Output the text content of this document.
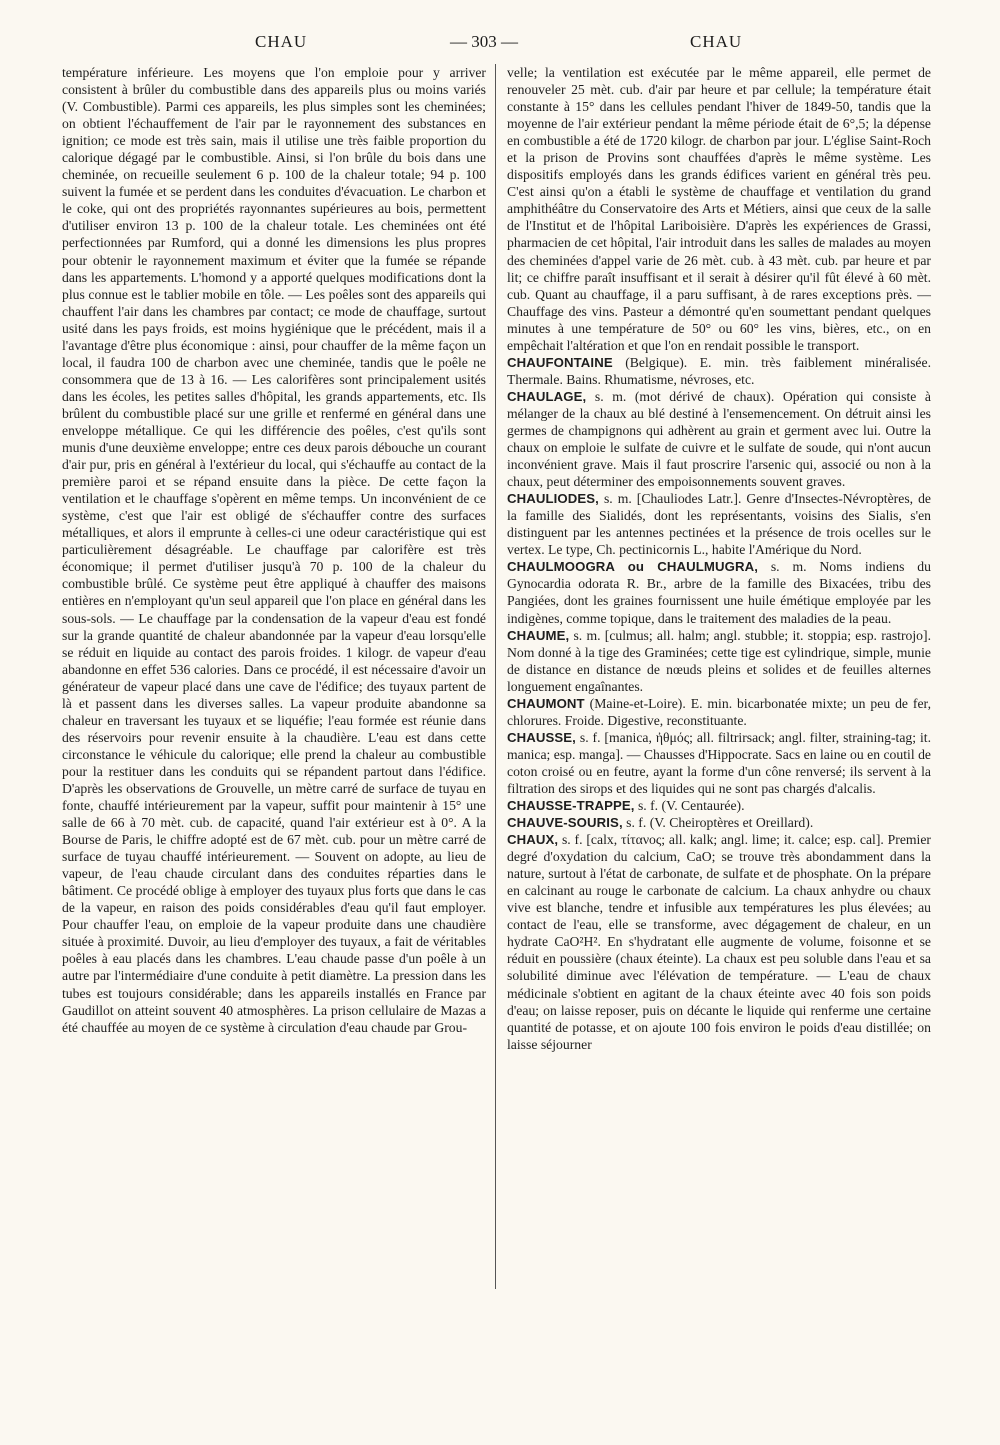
CHAU	— 303 —	CHAU

température inférieure. Les moyens que l'on emploie pour y arriver consistent à brûler du combustible dans des appareils plus ou moins variés (V. Combustible). Parmi ces appareils, les plus simples sont les cheminées; on obtient l'échauffement de l'air par le rayonnement des substances en ignition; ce mode est très sain, mais il utilise une très faible proportion du calorique dégagé par le combustible. Ainsi, si l'on brûle du bois dans une cheminée, on recueille seulement 6 p. 100 de la chaleur totale; 94 p. 100 suivent la fumée et se perdent dans les conduites d'évacuation. Le charbon et le coke, qui ont des propriétés rayonnantes supérieures au bois, permettent d'utiliser environ 13 p. 100 de la chaleur totale. Les cheminées ont été perfectionnées par Rumford, qui a donné les dimensions les plus propres pour obtenir le rayonnement maximum et éviter que la fumée se répande dans les appartements. L'homond y a apporté quelques modifications dont la plus connue est le tablier mobile en tôle. — Les poêles sont des appareils qui chauffent l'air dans les chambres par contact; ce mode de chauffage, surtout usité dans les pays froids, est moins hygiénique que le précédent, mais il a l'avantage d'être plus économique : ainsi, pour chauffer de la même façon un local, il faudra 100 de charbon avec une cheminée, tandis que le poêle ne consommera que de 13 à 16. — Les calorifères sont principalement usités dans les écoles, les petites salles d'hôpital, les grands appartements, etc. Ils brûlent du combustible placé sur une grille et renfermé en général dans une enveloppe métallique. Ce qui les différencie des poêles, c'est qu'ils sont munis d'une deuxième enveloppe; entre ces deux parois débouche un courant d'air pur, pris en général à l'extérieur du local, qui s'échauffe au contact de la première paroi et se répand ensuite dans la pièce. De cette façon la ventilation et le chauffage s'opèrent en même temps. Un inconvénient de ce système, c'est que l'air est obligé de s'échauffer contre des surfaces métalliques, et alors il emprunte à celles-ci une odeur caractéristique qui est particulièrement désagréable. Le chauffage par calorifère est très économique; il permet d'utiliser jusqu'à 70 p. 100 de la chaleur du combustible brûlé. Ce système peut être appliqué à chauffer des maisons entières en n'employant qu'un seul appareil que l'on place en général dans les sous-sols. — Le chauffage par la condensation de la vapeur d'eau est fondé sur la grande quantité de chaleur abandonnée par la vapeur d'eau lorsqu'elle se réduit en liquide au contact des parois froides. 1 kilogr. de vapeur d'eau abandonne en effet 536 calories. Dans ce procédé, il est nécessaire d'avoir un générateur de vapeur placé dans une cave de l'édifice; des tuyaux partent de là et passent dans les diverses salles. La vapeur produite abandonne sa chaleur en traversant les tuyaux et se liquéfie; l'eau formée est réunie dans des réservoirs pour revenir ensuite à la chaudière. L'eau est dans cette circonstance le véhicule du calorique; elle prend la chaleur au combustible pour la restituer dans les conduits qui se répandent partout dans l'édifice. D'après les observations de Grouvelle, un mètre carré de surface de tuyau en fonte, chauffé intérieurement par la vapeur, suffit pour maintenir à 15° une salle de 66 à 70 mèt. cub. de capacité, quand l'air extérieur est à 0°. A la Bourse de Paris, le chiffre adopté est de 67 mèt. cub. pour un mètre carré de surface de tuyau chauffé intérieurement. — Souvent on adopte, au lieu de vapeur, de l'eau chaude circulant dans des conduites réparties dans le bâtiment. Ce procédé oblige à employer des tuyaux plus forts que dans le cas de la vapeur, en raison des poids considérables d'eau qu'il faut employer. Pour chauffer l'eau, on emploie de la vapeur produite dans une chaudière située à proximité. Duvoir, au lieu d'employer des tuyaux, a fait de véritables poêles à eau placés dans les chambres. L'eau chaude passe d'un poêle à un autre par l'intermédiaire d'une conduite à petit diamètre. La pression dans les tubes est toujours considérable; dans les appareils installés en France par Gaudillot on atteint souvent 40 atmosphères. La prison cellulaire de Mazas a été chauffée au moyen de ce système à circulation d'eau chaude par Grou-

velle; la ventilation est exécutée par le même appareil, elle permet de renouveler 25 mèt. cub. d'air par heure et par cellule; la température était constante à 15° dans les cellules pendant l'hiver de 1849-50, tandis que la moyenne de l'air extérieur pendant la même période était de 6°,5; la dépense en combustible a été de 1720 kilogr. de charbon par jour. L'église Saint-Roch et la prison de Provins sont chauffées d'après le même système. Les dispositifs employés dans les grands édifices varient en général très peu. C'est ainsi qu'on a établi le système de chauffage et ventilation du grand amphithéâtre du Conservatoire des Arts et Métiers, ainsi que ceux de la salle de l'Institut et de l'hôpital Lariboisière. D'après les expériences de Grassi, pharmacien de cet hôpital, l'air introduit dans les salles de malades au moyen des cheminées d'appel varie de 26 mèt. cub. à 43 mèt. cub. par heure et par lit; ce chiffre paraît insuffisant et il serait à désirer qu'il fût élevé à 60 mèt. cub. Quant au chauffage, il a paru suffisant, à de rares exceptions près. — Chauffage des vins. Pasteur a démontré qu'en soumettant pendant quelques minutes à une température de 50° ou 60° les vins, bières, etc., on en empêchait l'altération et que l'on en rendait possible le transport.

CHAUFONTAINE (Belgique). E. min. très faiblement minéralisée. Thermale. Bains. Rhumatisme, névroses, etc.

CHAULAGE, s. m. (mot dérivé de chaux). Opération qui consiste à mélanger de la chaux au blé destiné à l'ensemencement. On détruit ainsi les germes de champignons qui adhèrent au grain et germent avec lui. Outre la chaux on emploie le sulfate de cuivre et le sulfate de soude, qui n'ont aucun inconvénient grave. Mais il faut proscrire l'arsenic qui, associé ou non à la chaux, peut déterminer des empoisonnements souvent graves.

CHAULIODES, s. m. [Chauliodes Latr.]. Genre d'Insectes-Névroptères, de la famille des Sialidés, dont les représentants, voisins des Sialis, s'en distinguent par les antennes pectinées et la présence de trois ocelles sur le vertex. Le type, Ch. pectinicornis L., habite l'Amérique du Nord.

CHAULMOOGRA ou CHAULMUGRA, s. m. Noms indiens du Gynocardia odorata R. Br., arbre de la famille des Bixacées, tribu des Pangiées, dont les graines fournissent une huile émétique employée par les indigènes, comme topique, dans le traitement des maladies de la peau.

CHAUME, s. m. [culmus; all. halm; angl. stubble; it. stoppia; esp. rastrojo]. Nom donné à la tige des Graminées; cette tige est cylindrique, simple, munie de distance en distance de nœuds pleins et solides et de feuilles alternes longuement engaînantes.

CHAUMONT (Maine-et-Loire). E. min. bicarbonatée mixte; un peu de fer, chlorures. Froide. Digestive, reconstituante.

CHAUSSE, s. f. [manica, ἠθμός; all. filtrirsack; angl. filter, straining-tag; it. manica; esp. manga]. — Chausses d'Hippocrate. Sacs en laine ou en coutil de coton croisé ou en feutre, ayant la forme d'un cône renversé; ils servent à la filtration des sirops et des liquides qui ne sont pas chargés d'alcalis.

CHAUSSE-TRAPPE, s. f. (V. Centaurée).

CHAUVE-SOURIS, s. f. (V. Cheiroptères et Oreillard).

CHAUX, s. f. [calx, τίτανος; all. kalk; angl. lime; it. calce; esp. cal]. Premier degré d'oxydation du calcium, CaO; se trouve très abondamment dans la nature, surtout à l'état de carbonate, de sulfate et de phosphate. On la prépare en calcinant au rouge le carbonate de calcium. La chaux anhydre ou chaux vive est blanche, tendre et infusible aux températures les plus élevées; au contact de l'eau, elle se transforme, avec dégagement de chaleur, en un hydrate CaO²H². En s'hydratant elle augmente de volume, foisonne et se réduit en poussière (chaux éteinte). La chaux est peu soluble dans l'eau et sa solubilité diminue avec l'élévation de température. — L'eau de chaux médicinale s'obtient en agitant de la chaux éteinte avec 40 fois son poids d'eau; on laisse reposer, puis on décante le liquide qui renferme une certaine quantité de potasse, et on ajoute 100 fois environ le poids d'eau distillée; on laisse séjourner
